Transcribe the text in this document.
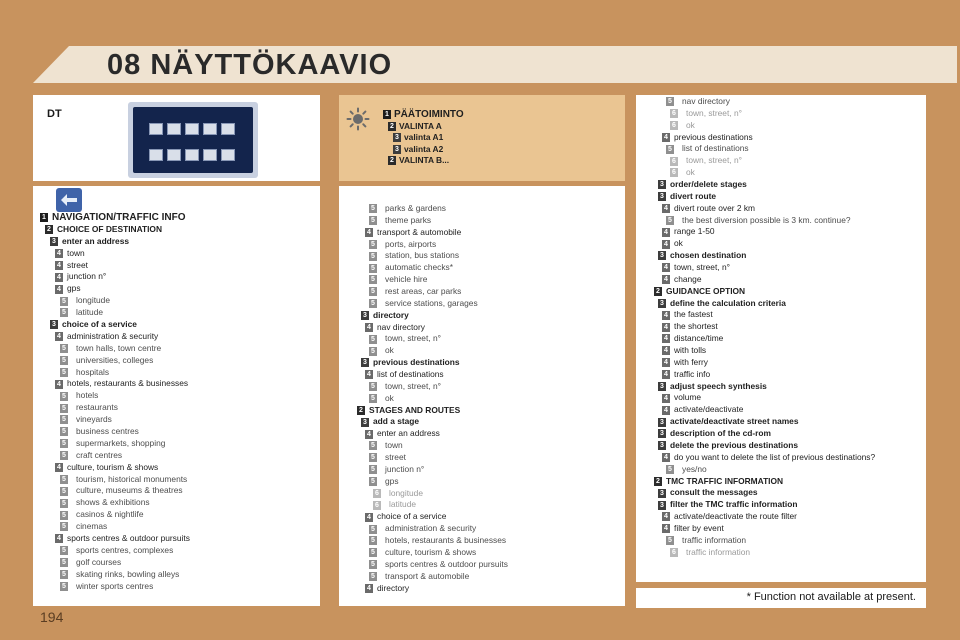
08 NÄYTTÖKAAVIO
DT	1 PÄÄTOIMINTO
2 VALINTA A
3 valinta A1
3 valinta A2
2 VALINTA B...
1 NAVIGATION/TRAFFIC INFO
2 CHOICE OF DESTINATION
3 enter an address
4 town
4 street
4 junction n°
4 gps
5 longitude
5 latitude
3 choice of a service
4 administration & security
5 town halls, town centre
5 universities, colleges
5 hospitals
4 hotels, restaurants & businesses
5 hotels
5 restaurants
5 vineyards
5 business centres
5 supermarkets, shopping
5 craft centres
4 culture, tourism & shows
5 tourism, historical monuments
5 culture, museums & theatres
5 shows & exhibitions
5 casinos & nightlife
5 cinemas
4 sports centres & outdoor pursuits
5 sports centres, complexes
5 golf courses
5 skating rinks, bowling alleys
5 winter sports centres
5 parks & gardens
5 theme parks
4 transport & automobile
5 ports, airports
5 station, bus stations
5 automatic checks*
5 vehicle hire
5 rest areas, car parks
5 service stations, garages
3 directory
4 nav directory
5 town, street, n°
5 ok
3 previous destinations
4 list of destinations
5 town, street, n°
5 ok
2 STAGES AND ROUTES
3 add a stage
4 enter an address
5 town
5 street
5 junction n°
5 gps
6 longitude
6 latitude
4 choice of a service
5 administration & security
5 hotels, restaurants & businesses
5 culture, tourism & shows
5 sports centres & outdoor pursuits
5 transport & automobile
4 directory
5 nav directory
6 town, street, n°
6 ok
4 previous destinations
5 list of destinations
6 town, street, n°
6 ok
3 order/delete stages
3 divert route
4 divert route over 2 km
5 the best diversion possible is 3 km. continue?
4 range 1-50
4 ok
3 chosen destination
4 town, street, n°
4 change
2 GUIDANCE OPTION
3 define the calculation criteria
4 the fastest
4 the shortest
4 distance/time
4 with tolls
4 with ferry
4 traffic info
3 adjust speech synthesis
4 volume
4 activate/deactivate
3 activate/deactivate street names
3 description of the cd-rom
3 delete the previous destinations
4 do you want to delete the list of previous destinations?
5 yes/no
2 TMC TRAFFIC INFORMATION
3 consult the messages
3 filter the TMC traffic information
4 activate/deactivate the route filter
4 filter by event
5 traffic information
6 traffic information
* Function not available at present.
194
